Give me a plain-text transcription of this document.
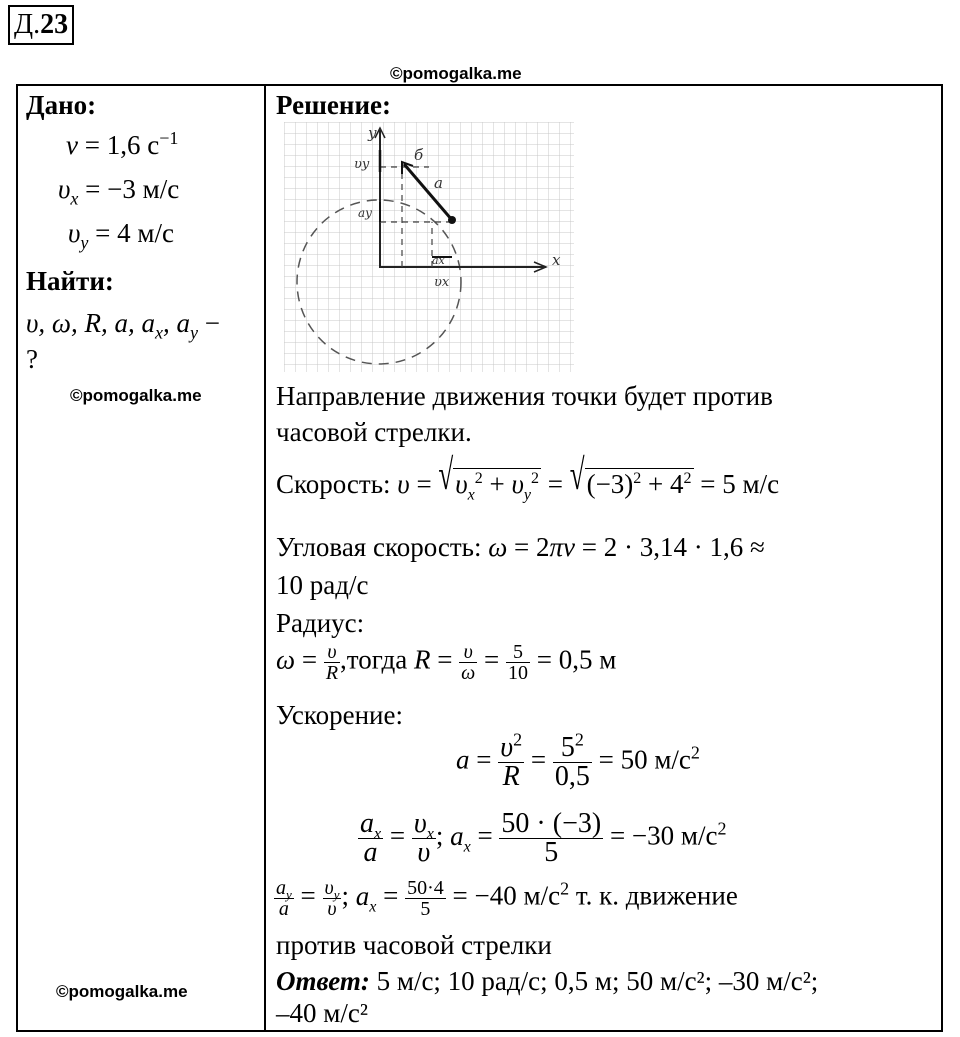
Д.23
©pomogalka.me
Дано:
ν = 1,6 $с^{-1}$
$\upsilon_x = -3$ м/с
$\upsilon_y = 4$ м/с
Найти:
υ, ω, R, a, $a_x$, $a_y$ −
?
©pomogalka.me
©pomogalka.me

Решение:
y
x
υy
ay
ax
υx
a
б
Направление движения точки будет против часовой стрелки.
Скорость: $\upsilon = √\upsilon_x^2 + \upsilon_y^2 = √(-3)^2 + 4^2 = 5$ м/с
Угловая скорость: ω = 2πν = 2 · 3,14 · 1,6 ≈
10 рад/с
Радиус:
$\omega = \frac{\upsilon}{R}$ ,тогда $R = \frac{\upsilon}{\omega} = \frac{5}{10} = 0,5$ м
Ускорение:
$a = \frac{\upsilon^2}{R} = \frac{5^2}{0,5} = 50$ $м/с^2$
$\frac{a_x}{a} = \frac{\upsilon_x}{\upsilon}$ ; $a_x = \frac{50 \cdot (-3)}{5} = -30$ $м/с^2$
$\frac{a_y}{a} = \frac{\upsilon_y}{\upsilon}$ ; $a_x = \frac{50\cdot 4}{5} = -40$ $м/с^2$ т. к. движение
против часовой стрелки
Ответ: 5 м/с; 10 рад/с; 0,5 м; 50 м/с²; –30 м/с²;
–40 м/с²
